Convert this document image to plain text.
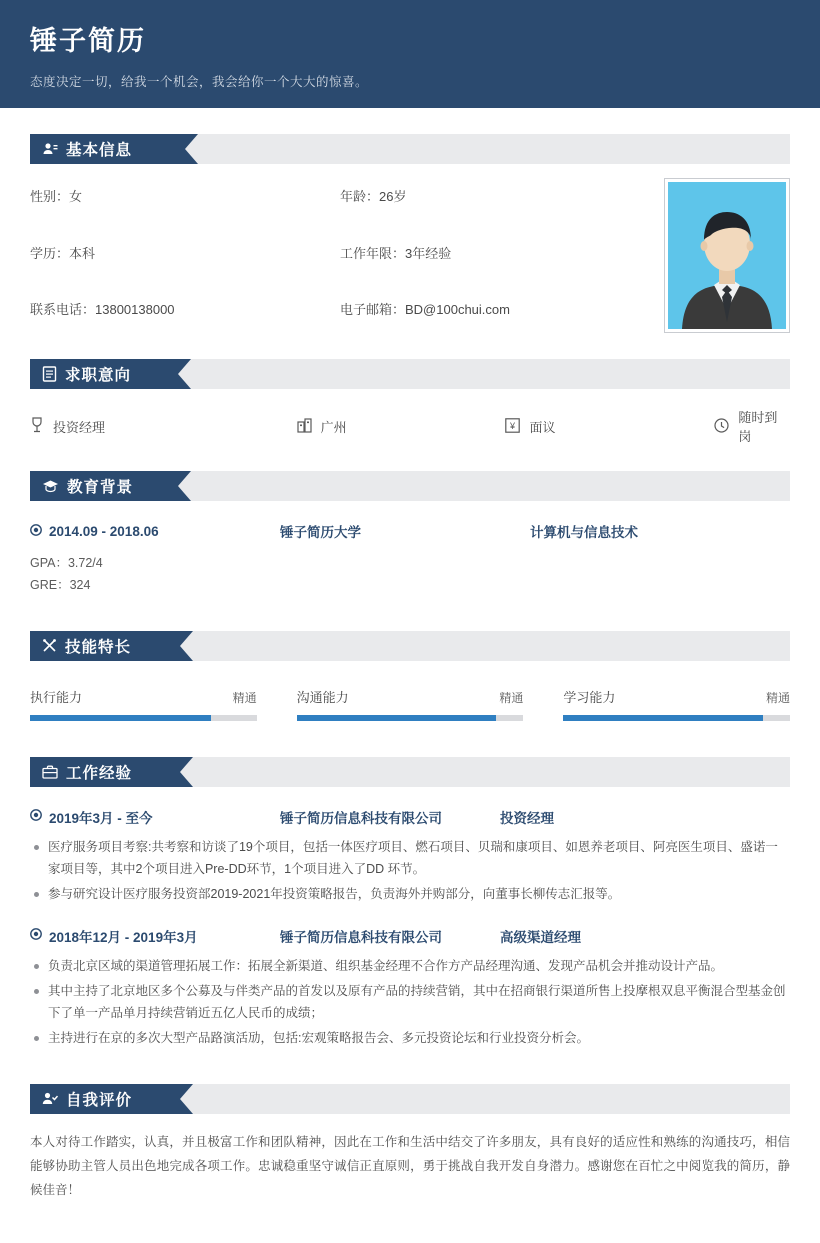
锤子简历
态度决定一切，给我一个机会，我会给你一个大大的惊喜。
基本信息
性别：女	年龄：26岁
学历：本科	工作年限：3年经验
联系电话：13800138000	电子邮箱：BD@100chui.com
求职意向
投资经理	广州	¥ 面议
随时到岗
教育背景
2014.09 - 2018.06	锤子简历大学	计算机与信息技术
GPA：3.72/4
GRE：324
技能特长
执行能力	精通	沟通能力	精通	学习能力	精通
工作经验
2019年3月 - 至今	锤子简历信息科技有限公司	投资经理
医疗服务项目考察:共考察和访谈了19个项目，包括一体医疗项目、燃石项目、贝瑞和康项目、如恩养老项目、阿亮医生项目、盛诺一家项目等，其中2个项目进入Pre-DD环节，1个项目进入了DD 环节。
参与研究设计医疗服务投资部2019-2021年投资策略报告，负责海外并购部分，向董事长柳传志汇报等。
2018年12月 - 2019年3月	锤子简历信息科技有限公司	高级渠道经理
负责北京区域的渠道管理拓展工作：拓展全新渠道、组织基金经理不合作方产品经理沟通、发现产品机会并推动设计产品。
其中主持了北京地区多个公募及与伴类产品的首发以及原有产品的持续营销，其中在招商银行渠道所售上投摩根双息平衡混合型基金创下了单一产品单月持续营销近五亿人民币的成绩；
主持进行在京的多次大型产品路演活劢，包括:宏观策略报告会、多元投资论坛和行业投资分析会。
自我评价
本人对待工作踏实，认真，并且极富工作和团队精神，因此在工作和生活中结交了许多朋友，具有良好的适应性和熟练的沟通技巧，相信能够协助主管人员出色地完成各项工作。忠诚稳重坚守诚信正直原则，勇于挑战自我开发自身潜力。感谢您在百忙之中阅览我的简历，静候佳音！
